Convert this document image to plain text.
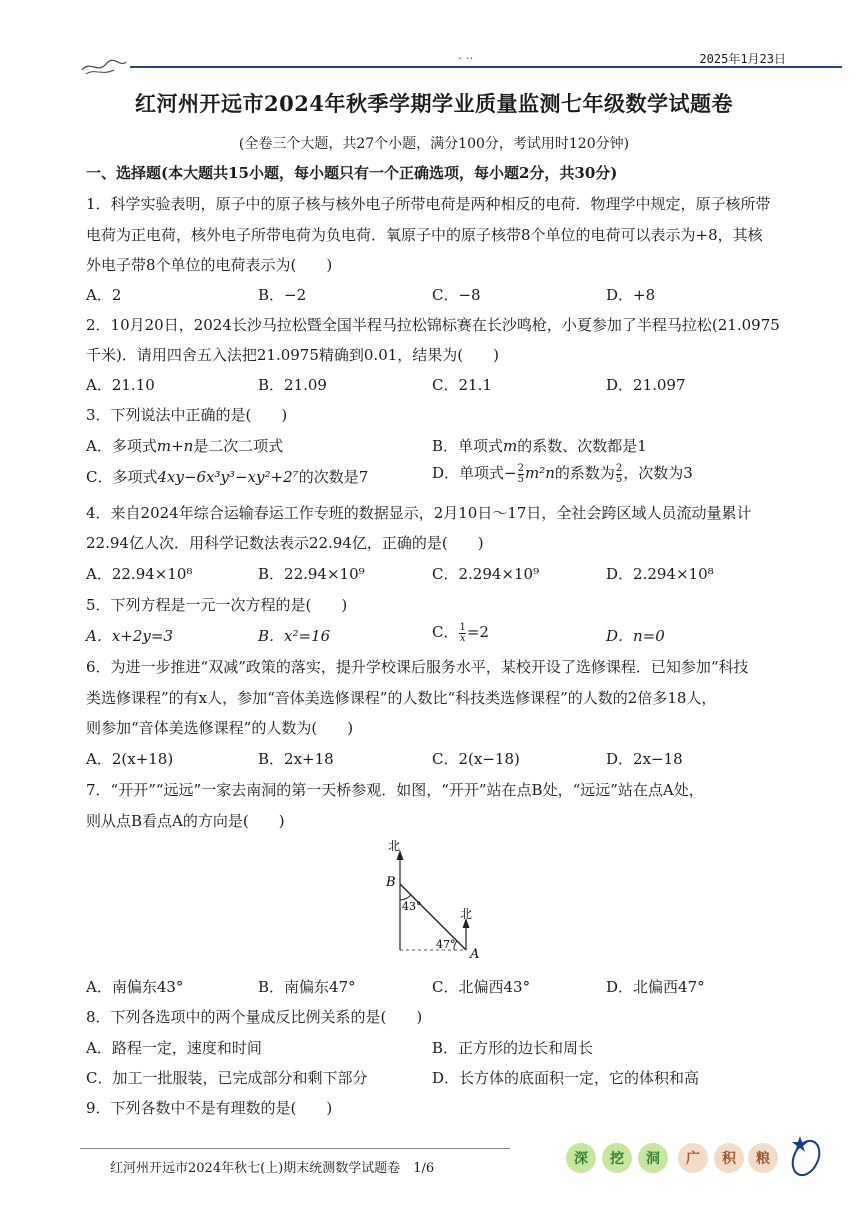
. ..	2025年1月23日
红河州开远市2024年秋季学期学业质量监测七年级数学试题卷
(全卷三个大题，共27个小题，满分100分，考试用时120分钟)
一、选择题(本大题共15小题，每小题只有一个正确选项，每小题2分，共30分)
1．科学实验表明，原子中的原子核与核外电子所带电荷是两种相反的电荷．物理学中规定，原子核所带
电荷为正电荷，核外电子所带电荷为负电荷．氧原子中的原子核带8个单位的电荷可以表示为+8，其核
外电子带8个单位的电荷表示为(　　)
A．2	B．−2	C．−8	D．+8
2．10月20日，2024长沙马拉松暨全国半程马拉松锦标赛在长沙鸣枪，小夏参加了半程马拉松(21.0975
千米)．请用四舍五入法把21.0975精确到0.01，结果为(　　)
A．21.10	B．21.09	C．21.1	D．21.097
3．下列说法中正确的是(　　)
A．多项式m+n是二次二项式	B．单项式m的系数、次数都是1
C．多项式4xy−6x³y³−xy²+2⁷的次数是7	D．单项式− $\frac{2}{5} m^2n$的系数为 $\frac{2}{5}$ ，次数为3
4．来自2024年综合运输春运工作专班的数据显示，2月10日～17日，全社会跨区域人员流动量累计
22.94亿人次．用科学记数法表示22.94亿，正确的是(　　)
A．22.94×10⁸	B．22.94×10⁹	C．2.294×10⁹	D．2.294×10⁸
5．下列方程是一元一次方程的是(　　)
A．x+2y=3	B．x²=16	C． $\frac{1}{x}=2$	D．n=0
6．为进一步推进“双减”政策的落实，提升学校课后服务水平，某校开设了选修课程．已知参加“科技
类选修课程”的有x人，参加“音体美选修课程”的人数比“科技类选修课程”的人数的2倍多18人，
则参加“音体美选修课程”的人数为(　　)
A．2(x+18)	B．2x+18	C．2(x−18)	D．2x−18
7．“开开”“远远”一家去南洞的第一天桥参观．如图，“开开”站在点B处，“远远”站在点A处，
则从点B看点A的方向是(　　)
北
北
B
A
43°
47°
A．南偏东43°	B．南偏东47°	C．北偏西43°	D．北偏西47°
8．下列各选项中的两个量成反比例关系的是(　　)
A．路程一定，速度和时间	B．正方形的边长和周长
C．加工一批服装，已完成部分和剩下部分	D．长方体的底面积一定，它的体积和高
9．下列各数中不是有理数的是(　　)
红河州开远市2024年秋七(上)期末统测数学试题卷　1/6
深	挖	洞	广	积	粮
